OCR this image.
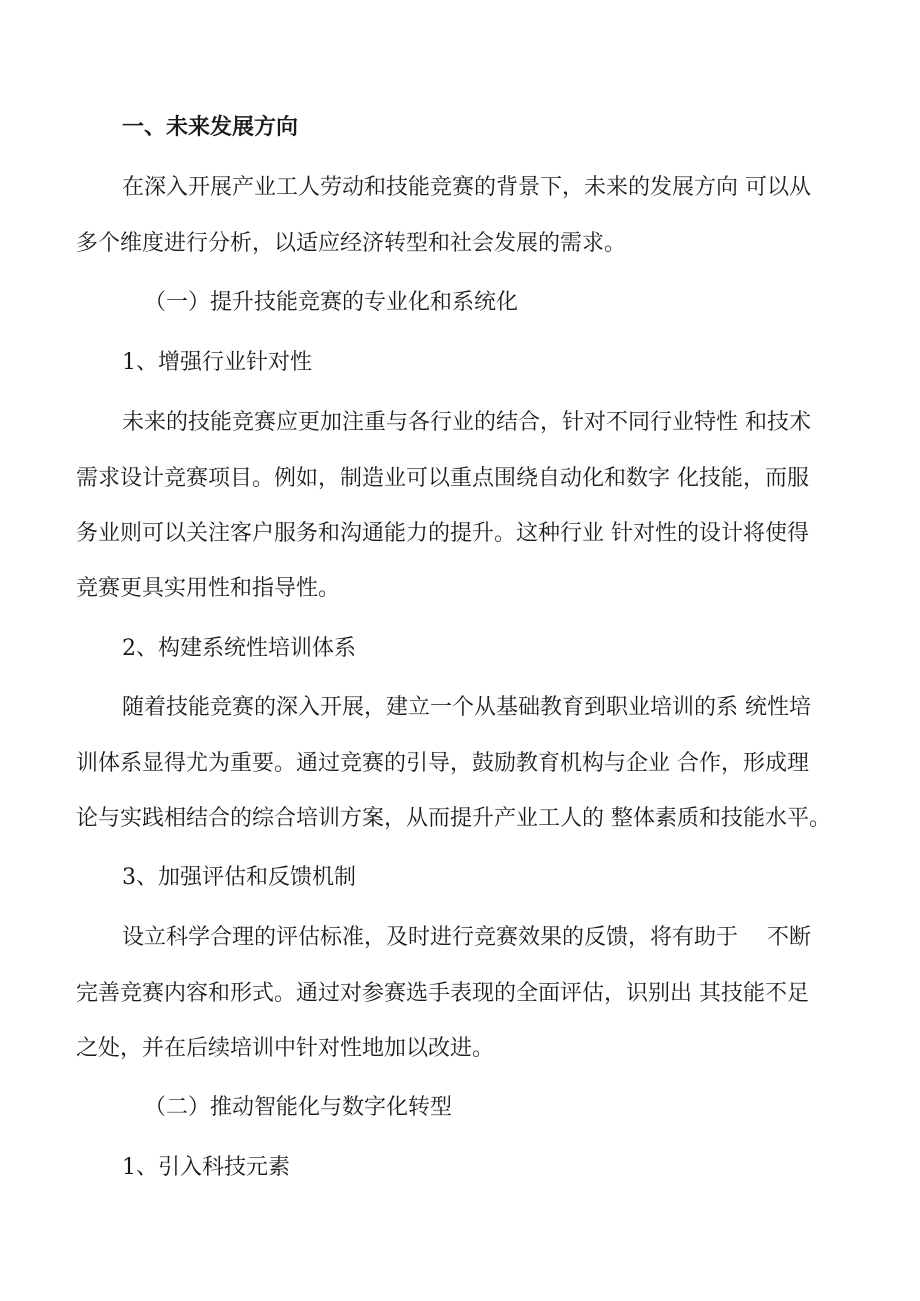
一、未来发展方向
在深入开展产业工人劳动和技能竞赛的背景下，未来的发展方向 可以从
多个维度进行分析，以适应经济转型和社会发展的需求。
（一）提升技能竞赛的专业化和系统化
1、增强行业针对性
未来的技能竞赛应更加注重与各行业的结合，针对不同行业特性 和技术
需求设计竞赛项目。例如，制造业可以重点围绕自动化和数字 化技能，而服
务业则可以关注客户服务和沟通能力的提升。这种行业 针对性的设计将使得
竞赛更具实用性和指导性。
2、构建系统性培训体系
随着技能竞赛的深入开展，建立一个从基础教育到职业培训的系 统性培
训体系显得尤为重要。通过竞赛的引导，鼓励教育机构与企业 合作，形成理
论与实践相结合的综合培训方案，从而提升产业工人的 整体素质和技能水平。
3、加强评估和反馈机制
设立科学合理的评估标准，及时进行竞赛效果的反馈，将有助于　 不断
完善竞赛内容和形式。通过对参赛选手表现的全面评估，识别出 其技能不足
之处，并在后续培训中针对性地加以改进。
（二）推动智能化与数字化转型
1、引入科技元素
